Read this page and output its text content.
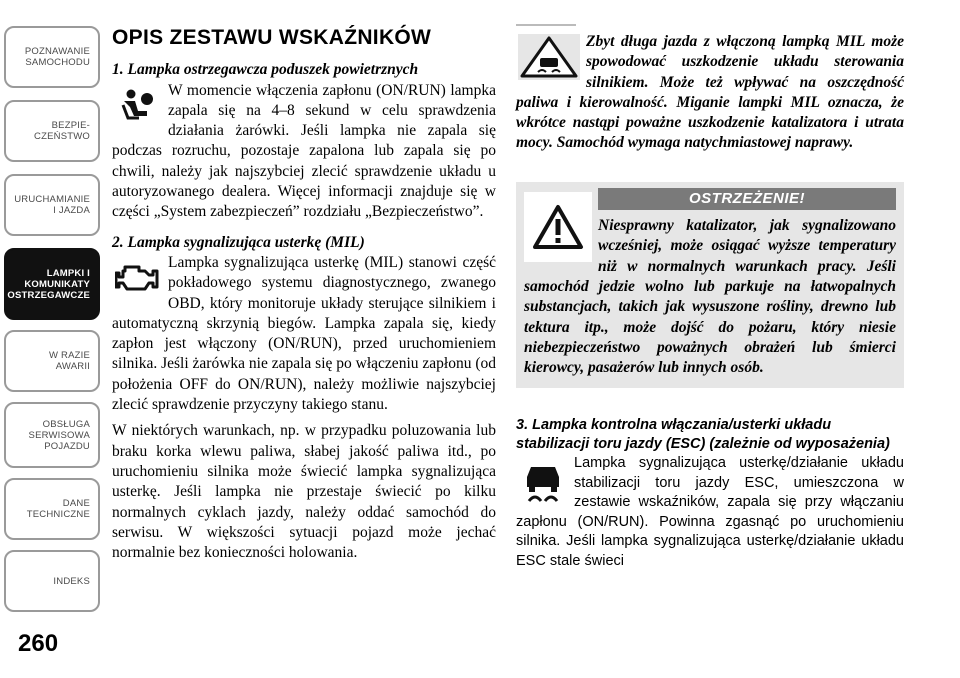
POZNAWANIE
SAMOCHODU
BEZPIE-
CZEŃSTWO
URUCHAMIANIE
I JAZDA
LAMPKI I
KOMUNIKATY
OSTRZEGAWCZE
W RAZIE
AWARII
OBSŁUGA
SERWISOWA
POJAZDU
DANE
TECHNICZNE
INDEKS
260
OPIS ZESTAWU WSKAŹNIKÓW
1. Lampka ostrzegawcza poduszek powietrznych

W momencie włączenia zapłonu (ON/RUN) lampka zapala się na 4–8 sekund w celu sprawdzenia działania żarówki. Jeśli lampka nie zapala się podczas rozruchu, pozostaje zapalona lub zapala się po chwili, należy jak najszybciej zlecić sprawdzenie układu u autoryzowanego dealera. Więcej informacji znajduje się w części „System zabezpieczeń” rozdziału „Bezpieczeństwo”.

2. Lampka sygnalizująca usterkę (MIL)

Lampka sygnalizująca usterkę (MIL) stanowi część pokładowego systemu diagnostycznego, zwanego OBD, który monitoruje układy sterujące silnikiem i automatyczną skrzynią biegów. Lampka zapala się, kiedy zapłon jest włączony (ON/RUN), przed uruchomieniem silnika. Jeśli żarówka nie zapala się po włączeniu zapłonu (od położenia OFF do ON/RUN), należy możliwie najszybciej zlecić sprawdzenie przyczyny takiego stanu.

W niektórych warunkach, np. w przypadku poluzowania lub braku korka wlewu paliwa, słabej jakość paliwa itd., po uruchomieniu silnika może świecić lampka sygnalizująca usterkę. Jeśli lampka nie przestaje świecić po kilku normalnych cyklach jazdy, należy oddać samochód do serwisu. W większości sytuacji pojazd może jechać normalnie bez konieczności holowania.

Zbyt długa jazda z włączoną lampką MIL może spowodować uszkodzenie układu sterowania silnikiem. Może też wpływać na oszczędność paliwa i kierowalność. Miganie lampki MIL oznacza, że wkrótce nastąpi poważne uszkodzenie katalizatora i utrata mocy. Samochód wymaga natychmiastowej naprawy.

OSTRZEŻENIE!

Niesprawny katalizator, jak sygnalizowano wcześniej, może osiągać wyższe temperatury niż w normalnych warunkach pracy. Jeśli samochód jedzie wolno lub parkuje na łatwopalnych substancjach, takich jak wysuszone rośliny, drewno lub tektura itp., może dojść do pożaru, który niesie niebezpieczeństwo poważnych obrażeń lub śmierci kierowcy, pasażerów lub innych osób.

3. Lampka kontrolna włączania/usterki układu stabilizacji toru jazdy (ESC) (zależnie od wyposażenia)

Lampka sygnalizująca usterkę/działanie układu stabilizacji toru jazdy ESC, umieszczona w zestawie wskaźników, zapala się przy włączaniu zapłonu (ON/RUN). Powinna zgasnąć po uruchomieniu silnika. Jeśli lampka sygnalizująca usterkę/działanie układu ESC stale świeci
